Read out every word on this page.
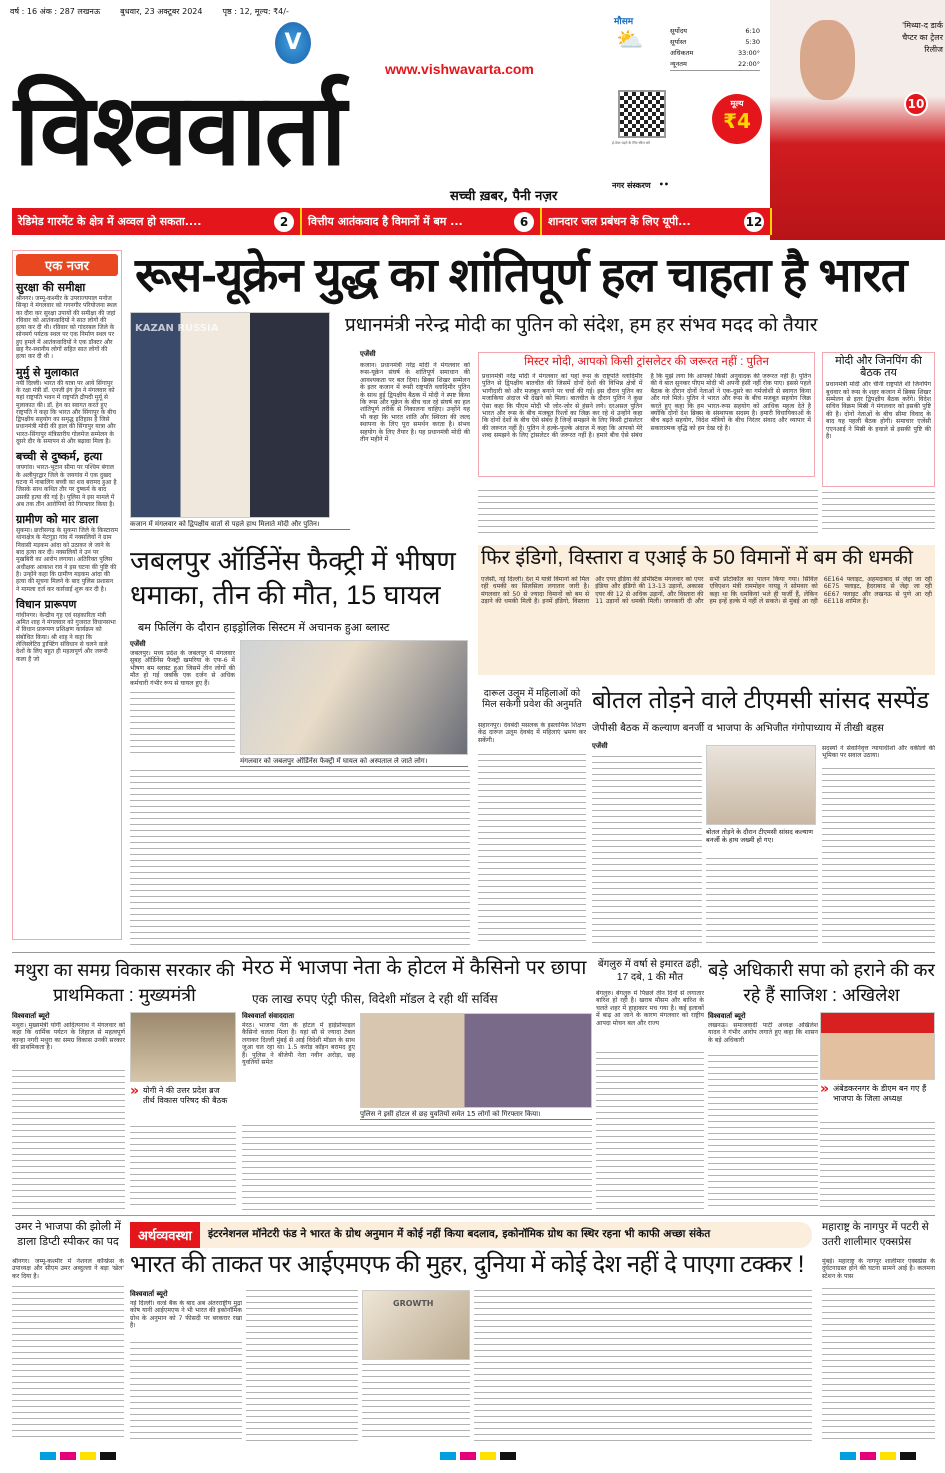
वर्ष : 16 अंक : 287 लखनऊ	बुधवार, 23 अक्टूबर 2024	पृष्ठ : 12, मूल्य: ₹4/-
V
www.vishwavarta.com
विश्ववार्ता
सच्ची ख़बर, पैनी नज़र
नगर संस्करण ••
मौसम
⛅	सूर्योदय	6:10
सूर्यास्त	5:30
अधिकतम	33:00°
न्यूनतम	22:00°
ई-पेपर पढ़ने के लिए स्कैन करें
मूल्य
₹4
'मिथ्या-द डार्क चैप्टर का ट्रेलर रिलीज
10
रेडिमेड गारमेंट के क्षेत्र में अव्वल हो सकता....	2	वित्तीय आतंकवाद है विमानों में बम ...	6	शानदार जल प्रबंधन के लिए यूपी...	12
एक नजर
सुरक्षा की समीक्षा

श्रीनगर। जम्मू-कश्मीर के उपराज्यपाल मनोज सिन्हा ने मंगलवार को गगनगीर परियोजना स्थल का दौरा कर सुरक्षा उपायों की समीक्षा की जहां रविवार को आतंकवादियों ने सात लोगों की हत्या कर दी थी। रविवार को गांदरबल जिले के सोनमर्ग पर्यटक स्थल पर एक निर्माण स्थल पर हुए हमले में आतंकवादियों ने एक डॉक्टर और छह गैर-स्थानीय लोगों सहित सात लोगों की हत्या कर दी थी ।

मुर्मु से मुलाकात

नयी दिल्ली। भारत की यात्रा पर आये सिंगापुर के रक्षा मंत्री डॉ. एनजी इंग हेन ने मंगलवार को यहां राष्ट्रपति भवन में राष्ट्रपति द्रौपदी मुर्मू से मुलाकात की। डॉ. हेन का स्वागत करते हुए राष्ट्रपति ने कहा कि भारत और सिंगापुर के बीच द्विपक्षीय सहयोग का समृद्ध इतिहास है जिसे प्रधानमंत्री मोदी की हाल की सिंगापुर यात्रा और भारत-सिंगापुर मंत्रिस्तरीय गोलमेज सम्मेलन के दूसरे दौर के समापन से और बढ़ावा मिला है।

बच्ची से दुष्कर्म, हत्या

जयगांव। भारत-भूटान सीमा पर पश्चिम बंगाल के अलीपुरद्वार जिले के जयगांव में एक दुखद घटना में नाबालिग बच्ची का शव बरामद हुआ है जिसके साथ कथित तौर पर दुष्कर्म के बाद उसकी हत्या की गई है। पुलिस ने इस मामले में अब तक तीन आरोपियों को गिरफ्तार किया है।

ग्रामीण को मार डाला

सुकमा। छत्तीसगढ़ के सुकमा जिले के किस्टाराम थानाक्षेत्र के मेटगुड़ा गांव में नक्सलियों ने ग्राम निवासी मड़कम आंदा को उठाकर ले जाने के बाद हत्या कर दी। नक्सलियों ने उन पर मुखबिरी का आरोप लगाया। अतिरिक्त पुलिस अधीक्षक आकाश राव ने इस घटना की पुष्टि की है। उन्होंने कहा कि ग्रामीण मड़कम आंदा की हत्या की सूचना मिलने के बाद पुलिस प्रशासन ने मामला दर्ज कर कार्रवाई शुरू कर दी है।

विधान प्रारूपण

गांधीनगर। केन्द्रीय गृह एवं सहकारिता मंत्री अमित शाह ने मंगलवार को गुजरात विधानसभा में विधान प्रारूपण प्रशिक्षण कार्यक्रम को संबोधित किया। श्री शाह ने कहा कि लेजिस्लेटिव ड्राफ्टिंग संविधान से चलने वाले देशों के लिए बहुत ही महत्वपूर्ण और जरूरी कला है जो

रूस-यूक्रेन युद्ध का शांतिपूर्ण हल चाहता है भारत
KAZAN RUSSIA
कजान में मंगलवार को द्विपक्षीय वार्ता से पहले हाथ मिलाते मोदी और पुतिन।
प्रधानमंत्री नरेन्द्र मोदी का पुतिन को संदेश, हम हर संभव मदद को तैयार
एजेंसी
कजान। प्रधानमंत्री नरेंद्र मोदी ने मंगलवार को रूस-यूक्रेन संघर्ष के शांतिपूर्ण समाधान की आवश्यकता पर बल दिया। ब्रिक्स शिखर सम्मेलन के इतर कजान में रूसी राष्ट्रपति व्लादिमीर पुतिन के साथ हुई द्विपक्षीय बैठक में मोदी ने स्पष्ट किया कि रूस और यूक्रेन के बीच चल रहे संघर्ष का हल शांतिपूर्ण तरीके से निकालना चाहिए। उन्होंने यह भी कहा कि भारत शांति और स्थिरता की जल्द स्थापना के लिए पूरा समर्थन करता है। संभव सहयोग के लिए तैयार है। यह प्रधानमंत्री मोदी की तीन महीने में
मिस्टर मोदी, आपको किसी ट्रांसलेटर की जरूरत नहीं : पुतिन
प्रधानमंत्री नरेंद्र मोदी ने मंगलवार को यहां रूस के राष्ट्रपति व्लादिमीर पुतिन से द्विपक्षीय बातचीत की जिसमें दोनों देशों की विभिन्न क्षेत्रों में भागीदारी को और मजबूत बनाने पर चर्चा की गई। इस दौरान पुतिन का मजाकिया अंदाज भी देखने को मिला। बातचीत के दौरान पुतिन ने कुछ ऐसा कहा कि पीएम मोदी भी जोर-जोर से हंसने लगे। दरअसल पुतिन भारत और रूस के बीच मजबूत रिश्तों का जिक्र कर रहे थे उन्होंने कहा कि दोनों देशों के बीच ऐसे संबंध है जिन्हें समझने के लिए किसी ट्रांसलेटर की जरूरत नहीं है। पुतिन ने हल्के-फुल्के अंदाज में कहा कि आपको मेरे शब्द समझने के लिए ट्रांसलेटर की जरूरत नहीं है। हमारे बीच ऐसे संबंध है कि मुझे लगा कि आपको किसी अनुवादक की जरूरत नहीं है। पुतिन की ये बात सुनकर पीएम मोदी भी अपनी हंसी नहीं रोक पाए। इससे पहले बैठक के दौरान दोनों नेताओं ने एक-दूसरे का गर्मजोशी से स्वागत किया और गले मिले। पुतिन ने भारत और रूस के बीच मजबूत सहयोग जिक्र करते हुए कहा कि हम भारत-रूस सहयोग को आधिक महत्व देते है क्योंकि दोनों देश ब्रिक्स के संस्थापक सदस्य है। हमारी विधायिकाओं के बीच बढ़ते सहयोग, विदेश मंत्रियों के बीच निरंतर संवाद और व्यापार में सकारात्मक वृद्धि को हम देख रहे है।
मोदी और जिनपिंग की बैठक तय
प्रधानमंत्री मोदी और चीनी राष्ट्रपति शी जिनपिंग बुधवार को रूस के शहर कजान में ब्रिक्स शिखर सम्मेलन से इतर द्विपक्षीय बैठक करेंगे। विदेश सचिव विक्रम मिस्री ने मंगलवार को इसकी पुष्टि की है। दोनों नेताओं के बीच सीमा विवाद के बाद यह पहली बैठक होगी। समाचार एजेंसी एएनआई ने मिस्री के हवाले से इसकी पुष्टि की है।
जबलपुर ऑर्डिनेंस फैक्ट्री में भीषण धमाका, तीन की मौत, 15 घायल
बम फिलिंग के दौरान हाइड्रोलिक सिस्टम में अचानक हुआ ब्लास्ट
एजेंसी
जबलपुर। मध्य प्रदेश के जबलपुर में मंगलवार सुबह ऑर्डिनेंस फैक्ट्री खमरिया के एफ-6 में भीषण बम ब्लास्ट हुआ जिसमें तीन लोगों की मौत हो गई जबकि एक दर्जन से अधिक कर्मचारी गंभीर रूप से घायल हुए हैं।
मंगलवार को जबलपुर ऑर्डिनेंस फैक्ट्री में घायल को अस्पताल ले जाते लोग।
फिर इंडिगो, विस्तारा व एआई के 50 विमानों में बम की धमकी
एजेंसी, नई दिल्ली। देश में यात्री विमानों को मिल रही धमकी का सिलसिला लगातार जारी है। मंगलवार को 50 से ज्यादा विमानों को बम से उड़ाने की धमकी मिली है। इनमें इंडिगो, विस्तारा और एयर इंडिया की डोमेस्टिक मंगलवार को एयर इंडिया और इंडिगो की 13-13 उड़ानों, अकासा एयर की 12 से अधिक उड़ानों, और विस्तारा की 11 उड़ानों को धमकी मिली। जानकारी दी और सभी प्रोटोकॉल का पालन किया गया। सिविल एविएशन मंत्री राममोहन नायडू ने सोमवार को कहा था कि धमकियां भले ही फर्जी हैं, लेकिन हम इन्हें हल्के में नहीं ले सकते। से मुंबई आ रही 6E164 फ्लाइट, अहमदाबाद से जेद्दा जा रही 6E75 फ्लाइट, हैदराबाद से जेद्दा जा रही 6E67 फ्लाइट और लखनऊ से पुणे आ रही 6E118 शामिल हैं।
दारूल उलूम में महिलाओं को मिल सकेगी प्रवेश की अनुमति
सहारनपुर। देवबंदी मसलक के इस्लामिक शिक्षण केंद्र दारूल उलूम देवबंद में महिलाएं भ्रमण कर सकेंगी।
बोतल तोड़ने वाले टीएमसी सांसद सस्पेंड
जेपीसी बैठक में कल्याण बनर्जी व भाजपा के अभिजीत गंगोपाध्याय में तीखी बहस
एजेंसी
बोतल तोड़ने के दौरान टीएमसी सांसद कल्याण बनर्जी के हाथ जख्मी हो गए।
सदस्यों ने सेवानिवृत्त न्यायाधीशों और वकीलों की भूमिका पर सवाल उठाया।
मथुरा का समग्र विकास सरकार की प्राथमिकता : मुख्यमंत्री
विश्ववार्ता ब्यूरो
मथुरा। मुख्यमंत्री योगी आदित्यनाथ ने मंगलवार को कहा कि धार्मिक पर्यटन के लिहाज से महत्वपूर्ण कान्हा नगरी मथुरा का समग्र विकास उनकी सरकार की प्राथमिकता है।
» योगी ने की उत्तर प्रदेश ब्रज तीर्थ विकास परिषद की बैठक
मेरठ में भाजपा नेता के होटल में कैसिनो पर छापा
एक लाख रुपए एंट्री फीस, विदेशी मॉडल दे रही थीं सर्विस
विश्ववार्ता संवाददाता
मेरठ। भाजपा नेता के होटल में हाईप्रोफाइल कैसिनो चलता मिला है। यहां सौ से ज्यादा टेबल लगाकर दिल्ली मुंबई से आई विदेशी मॉडल के साथ जुआ चल रहा था। 1.5 करोड़ कॉइन बरामद हुए हैं। पुलिस ने बीजेपी नेता नवीन अरोड़ा, छह युवतियों समेत
पुलिस ने इसी होटल से छह युवतियों समेत 15 लोगों को गिरफ्तार किया।
बेंगलुरु में वर्षा से इमारत ढही, 17 दबे, 1 की मौत
बेंगलुरु। बेंगलुरु में पिछले तीन दिनों से लगातार बारिश हो रही है। खराब मौसम और बारिश के चलते शहर में हाहाकार मच गया है। कई इलाकों में बाढ़ आ जाने के कारण मंगलवार को राष्ट्रीय आपदा मोचन बल और राज्य
बड़े अधिकारी सपा को हराने की कर रहे हैं साजिश : अखिलेश
विश्ववार्ता ब्यूरो
लखनऊ। समाजवादी पार्टी अध्यक्ष अखिलेश यादव ने गंभीर आरोप लगाते हुए कहा कि शासन के बड़े अधिकारी
» अंबेडकरनगर के डीएम बन गए हैं भाजपा के जिला अध्यक्ष
उमर ने भाजपा की झोली में डाला डिप्टी स्पीकर का पद
श्रीनगर। जम्मू-कश्मीर में नेशनल कॉन्फ्रेंस के उपाध्यक्ष और सीएम उमर अब्दुल्ला ने बड़ा 'खेल' कर दिया है।
अर्थव्यवस्था	इंटरनेशनल मॉनेटरी फंड ने भारत के ग्रोथ अनुमान में कोई नहीं किया बदलाव, इकोनॉमिक ग्रोथ का स्थिर रहना भी काफी अच्छा संकेत
भारत की ताकत पर आईएमएफ की मुहर, दुनिया में कोई देश नहीं दे पाएगा टक्कर !
विश्ववार्ता ब्यूरो
नई दिल्ली। वर्ल्ड बैंक के बाद अब अंतरराष्ट्रीय मुद्रा कोष यानी आईएमएफ ने भी भारत की इकोनॉमिक ग्रोथ के अनुमान को 7 फीसदी पर बरकरार रखा है।
GROWTH
महाराष्ट्र के नागपुर में पटरी से उतरी शालीमार एक्सप्रेस
मुंबई। महाराष्ट्र के नागपुर शालीमार एक्सप्रेस के दुर्घटनाग्रस्त होने की घटना सामने आई है। कलमना स्टेशन के पास
